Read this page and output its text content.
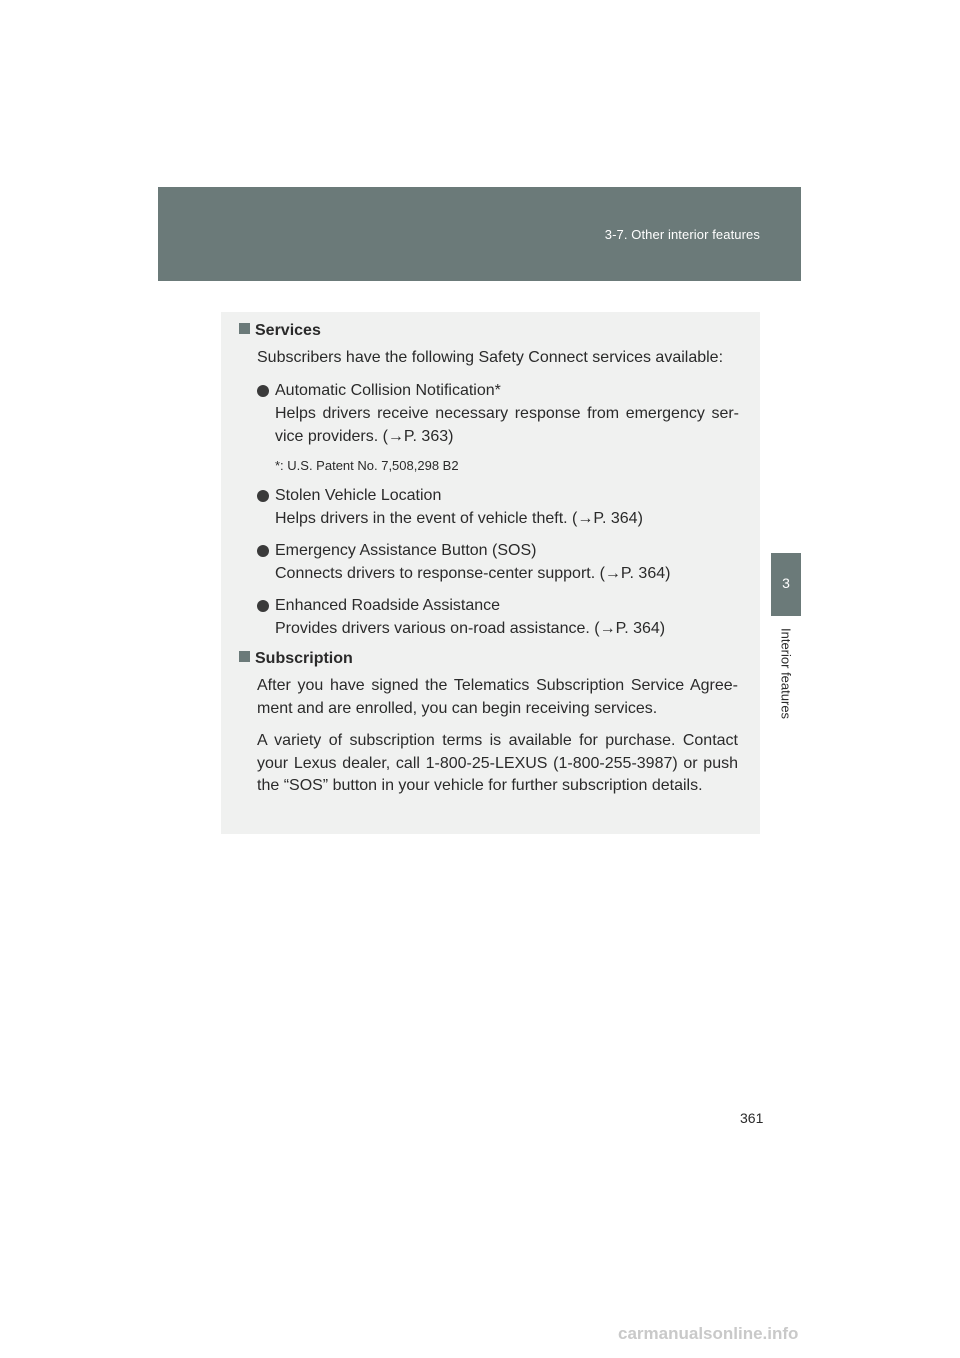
3-7. Other interior features
3
Interior features
Services
Subscribers have the following Safety Connect services available:
Automatic Collision Notification*
Helps drivers receive necessary response from emergency ser-vice providers. (→P. 363)
*: U.S. Patent No. 7,508,298 B2
Stolen Vehicle Location
Helps drivers in the event of vehicle theft. (→P. 364)
Emergency Assistance Button (SOS)
Connects drivers to response-center support. (→P. 364)
Enhanced Roadside Assistance
Provides drivers various on-road assistance. (→P. 364)
Subscription
After you have signed the Telematics Subscription Service Agree-ment and are enrolled, you can begin receiving services.
A variety of subscription terms is available for purchase. Contact your Lexus dealer, call 1-800-25-LEXUS (1-800-255-3987) or push the “SOS” button in your vehicle for further subscription details.
361
carmanualsonline.info
